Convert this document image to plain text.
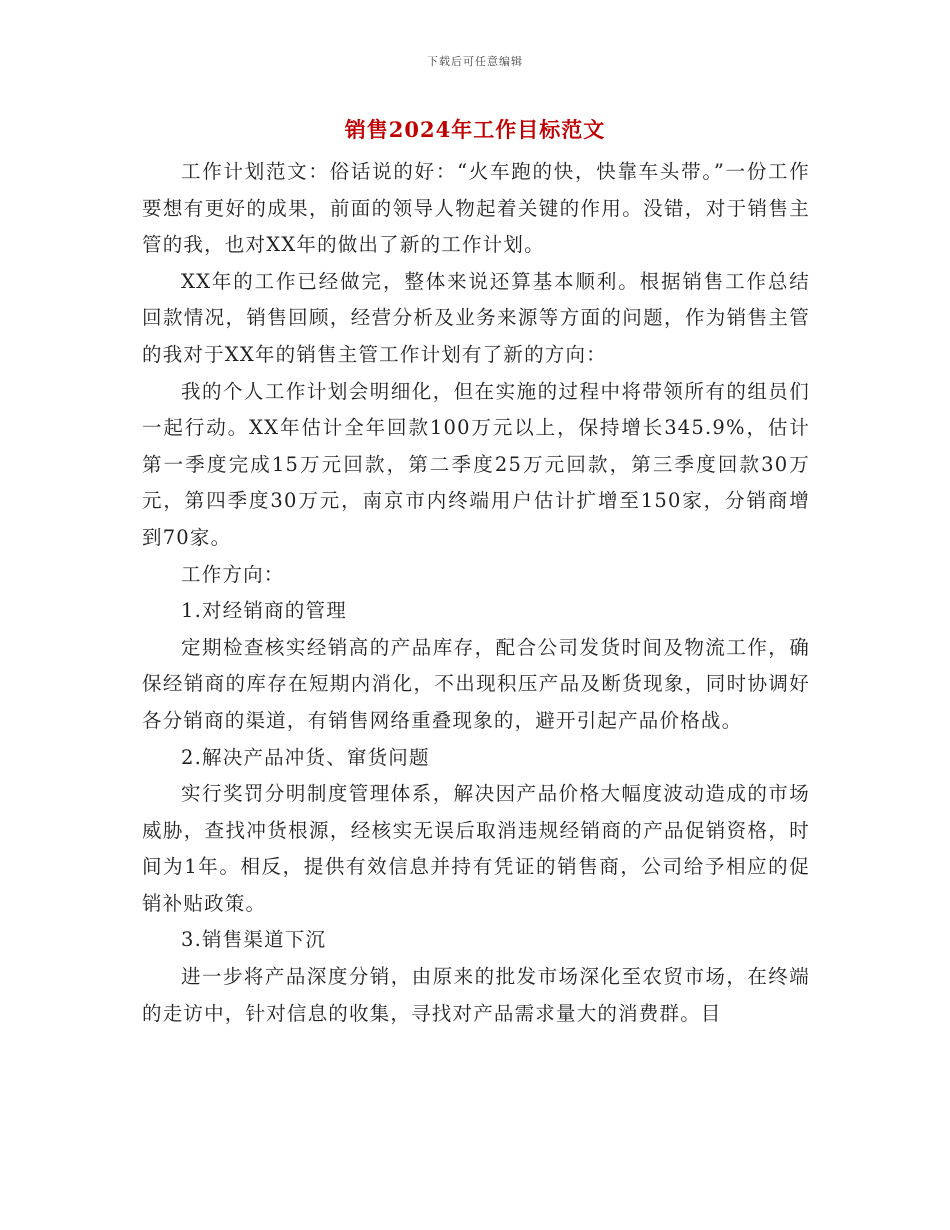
下载后可任意编辑
销售2024年工作目标范文

工作计划范文：俗话说的好：“火车跑的快，快靠车头带。”一份工作要想有更好的成果，前面的领导人物起着关键的作用。没错，对于销售主管的我，也对XX年的做出了新的工作计划。

XX年的工作已经做完，整体来说还算基本顺利。根据销售工作总结回款情况，销售回顾，经营分析及业务来源等方面的问题，作为销售主管的我对于XX年的销售主管工作计划有了新的方向：

我的个人工作计划会明细化，但在实施的过程中将带领所有的组员们一起行动。XX年估计全年回款100万元以上，保持增长345.9%，估计第一季度完成15万元回款，第二季度25万元回款，第三季度回款30万元，第四季度30万元，南京市内终端用户估计扩增至150家，分销商增到70家。

工作方向：

1.对经销商的管理

定期检查核实经销高的产品库存，配合公司发货时间及物流工作，确保经销商的库存在短期内消化，不出现积压产品及断货现象，同时协调好各分销商的渠道，有销售网络重叠现象的，避开引起产品价格战。

2.解决产品冲货、窜货问题

实行奖罚分明制度管理体系，解决因产品价格大幅度波动造成的市场威胁，查找冲货根源，经核实无误后取消违规经销商的产品促销资格，时间为1年。相反，提供有效信息并持有凭证的销售商，公司给予相应的促销补贴政策。

3.销售渠道下沉

进一步将产品深度分销，由原来的批发市场深化至农贸市场，在终端的走访中，针对信息的收集，寻找对产品需求量大的消费群。目
